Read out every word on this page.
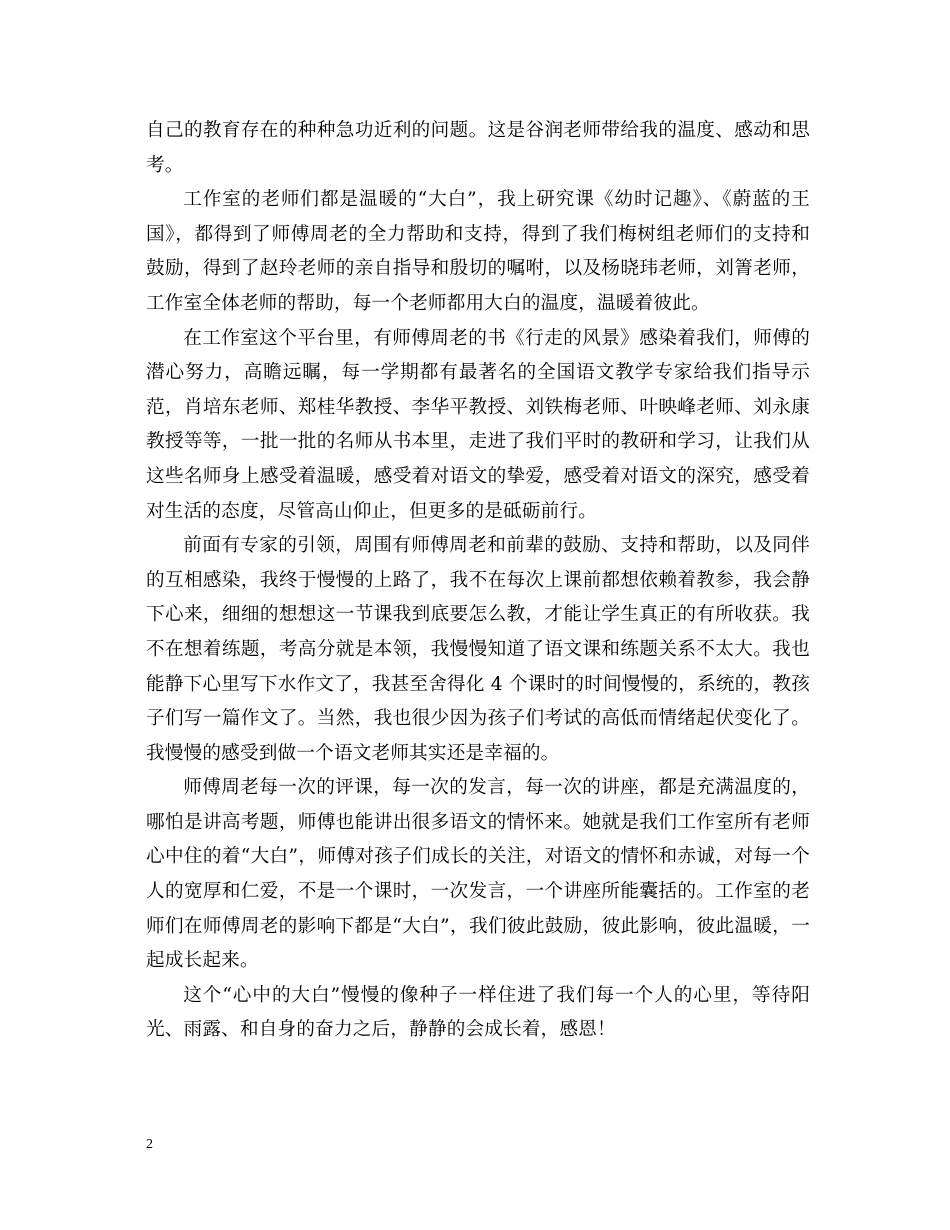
自己的教育存在的种种急功近利的问题。这是谷润老师带给我的温度、感动和思考。

工作室的老师们都是温暖的“大白”，我上研究课《幼时记趣》、《蔚蓝的王国》，都得到了师傅周老的全力帮助和支持，得到了我们梅树组老师们的支持和鼓励，得到了赵玲老师的亲自指导和殷切的嘱咐，以及杨晓玮老师，刘箐老师，工作室全体老师的帮助，每一个老师都用大白的温度，温暖着彼此。

在工作室这个平台里，有师傅周老的书《行走的风景》感染着我们，师傅的潜心努力，高瞻远瞩，每一学期都有最著名的全国语文教学专家给我们指导示范，肖培东老师、郑桂华教授、李华平教授、刘铁梅老师、叶映峰老师、刘永康教授等等，一批一批的名师从书本里，走进了我们平时的教研和学习，让我们从这些名师身上感受着温暖，感受着对语文的挚爱，感受着对语文的深究，感受着对生活的态度，尽管高山仰止，但更多的是砥砺前行。

前面有专家的引领，周围有师傅周老和前辈的鼓励、支持和帮助，以及同伴的互相感染，我终于慢慢的上路了，我不在每次上课前都想依赖着教参，我会静下心来，细细的想想这一节课我到底要怎么教，才能让学生真正的有所收获。我不在想着练题，考高分就是本领，我慢慢知道了语文课和练题关系不太大。我也能静下心里写下水作文了，我甚至舍得化 4 个课时的时间慢慢的，系统的，教孩子们写一篇作文了。当然，我也很少因为孩子们考试的高低而情绪起伏变化了。我慢慢的感受到做一个语文老师其实还是幸福的。

师傅周老每一次的评课，每一次的发言，每一次的讲座，都是充满温度的，哪怕是讲高考题，师傅也能讲出很多语文的情怀来。她就是我们工作室所有老师心中住的着“大白”，师傅对孩子们成长的关注，对语文的情怀和赤诚，对每一个人的宽厚和仁爱，不是一个课时，一次发言，一个讲座所能囊括的。工作室的老师们在师傅周老的影响下都是“大白”，我们彼此鼓励，彼此影响，彼此温暖，一起成长起来。

这个“心中的大白”慢慢的像种子一样住进了我们每一个人的心里，等待阳光、雨露、和自身的奋力之后，静静的会成长着，感恩！

2
